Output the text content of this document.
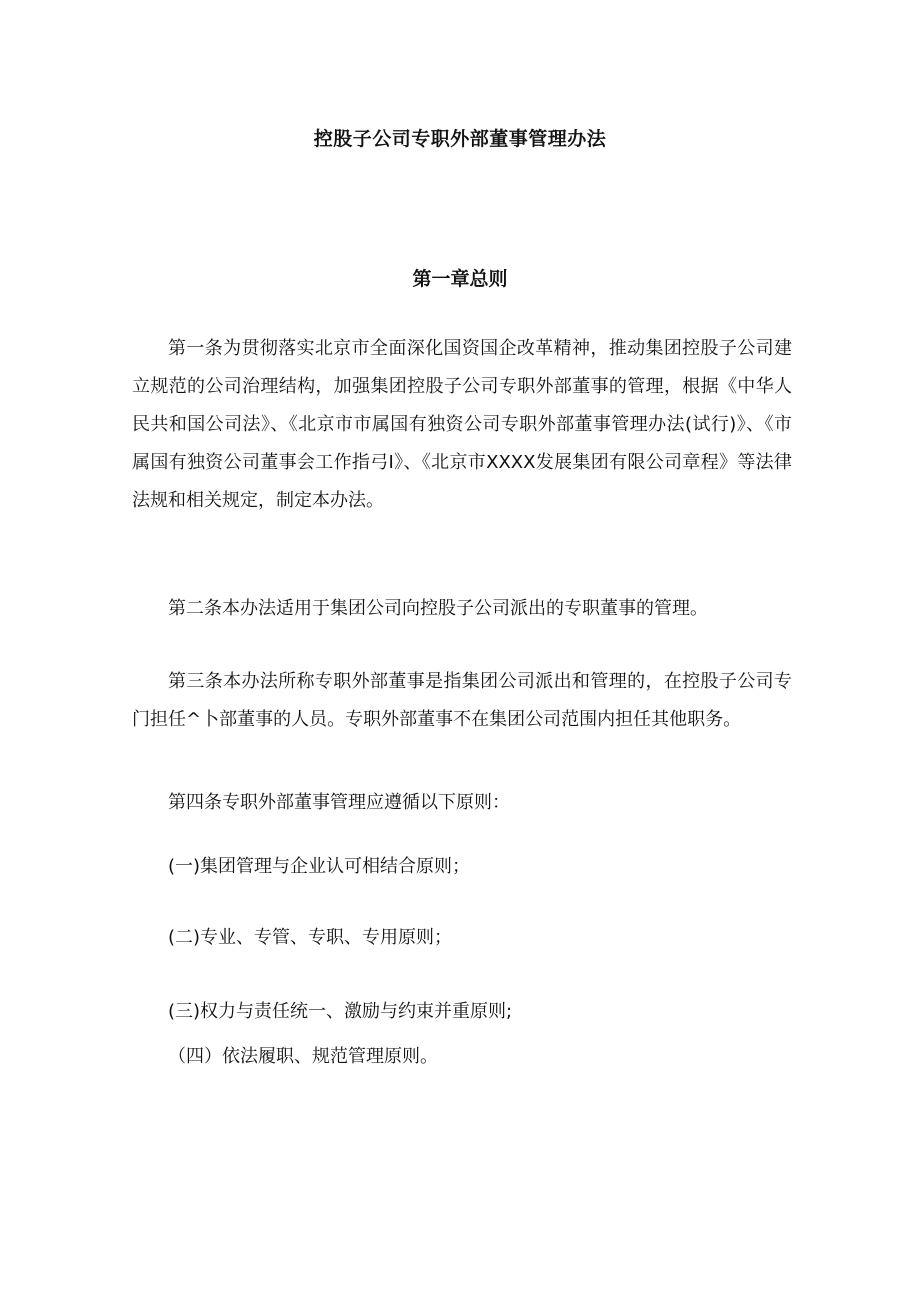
控股子公司专职外部董事管理办法
第一章总则

第一条为贯彻落实北京市全面深化国资国企改革精神，推动集团控股子公司建立规范的公司治理结构，加强集团控股子公司专职外部董事的管理，根据《中华人民共和国公司法》、《北京市市属国有独资公司专职外部董事管理办法(试行)》、《市属国有独资公司董事会工作指弓I》、《北京市XXXX发展集团有限公司章程》等法律法规和相关规定，制定本办法。

第二条本办法适用于集团公司向控股子公司派出的专职董事的管理。

第三条本办法所称专职外部董事是指集团公司派出和管理的，在控股子公司专门担任^卜部董事的人员。专职外部董事不在集团公司范围内担任其他职务。

第四条专职外部董事管理应遵循以下原则：

(一)集团管理与企业认可相结合原则；

(二)专业、专管、专职、专用原则；

(三)权力与责任统一、激励与约束并重原则;

（四）依法履职、规范管理原则。
